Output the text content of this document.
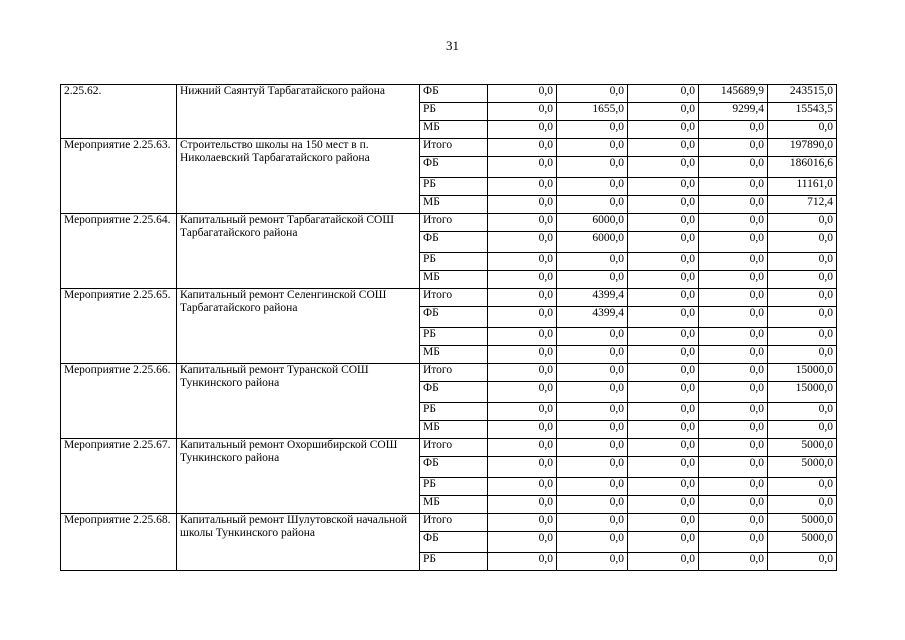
31
2.25.62.	Нижний Саянтуй Тарбагатайского района	ФБ	0,0	0,0	0,0	145689,9	243515,0
		РБ	0,0	1655,0	0,0	9299,4	15543,5
		МБ	0,0	0,0	0,0	0,0	0,0
Мероприятие 2.25.63.	Строительство школы на 150 мест в п. Николаевский Тарбагатайского района	Итого	0,0	0,0	0,0	0,0	197890,0
		ФБ	0,0	0,0	0,0	0,0	186016,6
		РБ	0,0	0,0	0,0	0,0	11161,0
		МБ	0,0	0,0	0,0	0,0	712,4
Мероприятие 2.25.64.	Капитальный ремонт Тарбагатайской СОШ Тарбагатайского района	Итого	0,0	6000,0	0,0	0,0	0,0
		ФБ	0,0	6000,0	0,0	0,0	0,0
		РБ	0,0	0,0	0,0	0,0	0,0
		МБ	0,0	0,0	0,0	0,0	0,0
Мероприятие 2.25.65.	Капитальный ремонт Селенгинской СОШ Тарбагатайского района	Итого	0,0	4399,4	0,0	0,0	0,0
		ФБ	0,0	4399,4	0,0	0,0	0,0
		РБ	0,0	0,0	0,0	0,0	0,0
		МБ	0,0	0,0	0,0	0,0	0,0
Мероприятие 2.25.66.	Капитальный ремонт Туранской СОШ Тункинского района	Итого	0,0	0,0	0,0	0,0	15000,0
		ФБ	0,0	0,0	0,0	0,0	15000,0
		РБ	0,0	0,0	0,0	0,0	0,0
		МБ	0,0	0,0	0,0	0,0	0,0
Мероприятие 2.25.67.	Капитальный ремонт Охоршибирской СОШ Тункинского района	Итого	0,0	0,0	0,0	0,0	5000,0
		ФБ	0,0	0,0	0,0	0,0	5000,0
		РБ	0,0	0,0	0,0	0,0	0,0
		МБ	0,0	0,0	0,0	0,0	0,0
Мероприятие 2.25.68.	Капитальный ремонт Шулутовской начальной школы Тункинского района	Итого	0,0	0,0	0,0	0,0	5000,0
		ФБ	0,0	0,0	0,0	0,0	5000,0
		РБ	0,0	0,0	0,0	0,0	0,0
